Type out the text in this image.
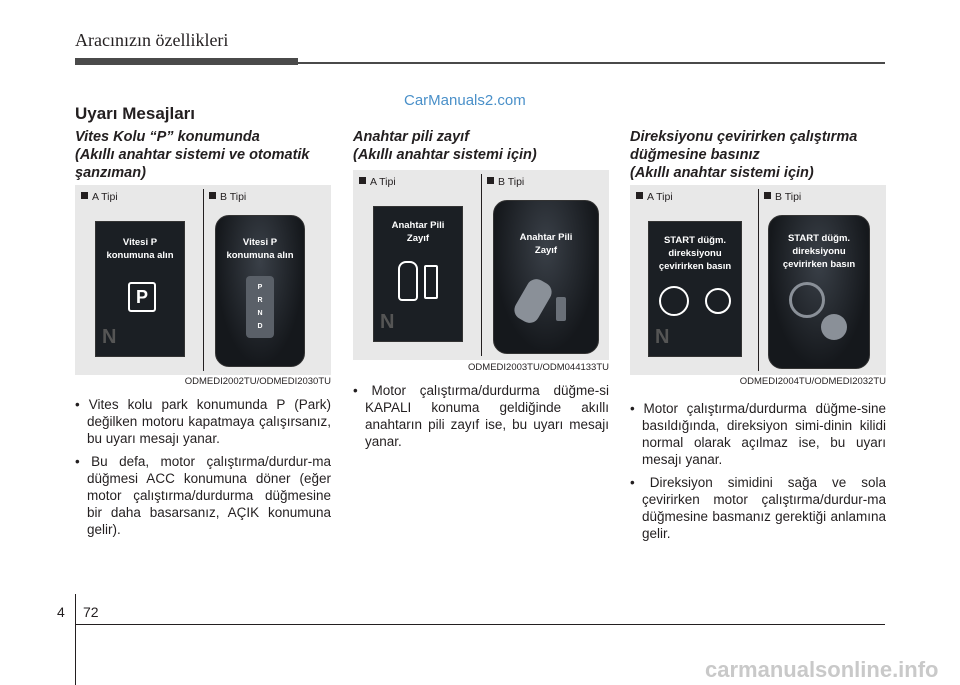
Aracınızın özellikleri
CarManuals2.com
Uyarı Mesajları
Vites Kolu “P” konumunda
(Akıllı anahtar sistemi ve otomatik
şanzıman)
A Tipi	B Tipi
Vitesi P
konumuna alın
P
N
Vitesi P
konumuna alın
P
R
N
D
ODMEDI2002TU/ODMEDI2030TU

• Vites kolu park konumunda P (Park) değilken motoru kapatmaya çalışırsanız, bu uyarı mesajı yanar.

• Bu defa, motor çalıştırma/durdur-ma düğmesi ACC konumuna döner (eğer motor çalıştırma/durdurma düğmesine bir daha basarsanız, AÇIK konumuna gelir).

Anahtar pili zayıf
(Akıllı anahtar sistemi için)
A Tipi	B Tipi
Anahtar Pili
Zayıf
N
Anahtar Pili
Zayıf
ODMEDI2003TU/ODM044133TU

• Motor çalıştırma/durdurma düğme-si KAPALI konuma geldiğinde akıllı anahtarın pili zayıf ise, bu uyarı mesajı yanar.

Direksiyonu çevirirken çalıştırma
düğmesine basınız
(Akıllı anahtar sistemi için)
A Tipi	B Tipi
START düğm.
direksiyonu
çevirirken basın
N
START düğm.
direksiyonu
çevirirken basın
ODMEDI2004TU/ODMEDI2032TU

• Motor çalıştırma/durdurma düğme-sine basıldığında, direksiyon simi-dinin kilidi normal olarak açılmaz ise, bu uyarı mesajı yanar.

• Direksiyon simidini sağa ve sola çevirirken motor çalıştırma/durdur-ma düğmesine basmanız gerektiği anlamına gelir.

4 72
carmanualsonline.info
